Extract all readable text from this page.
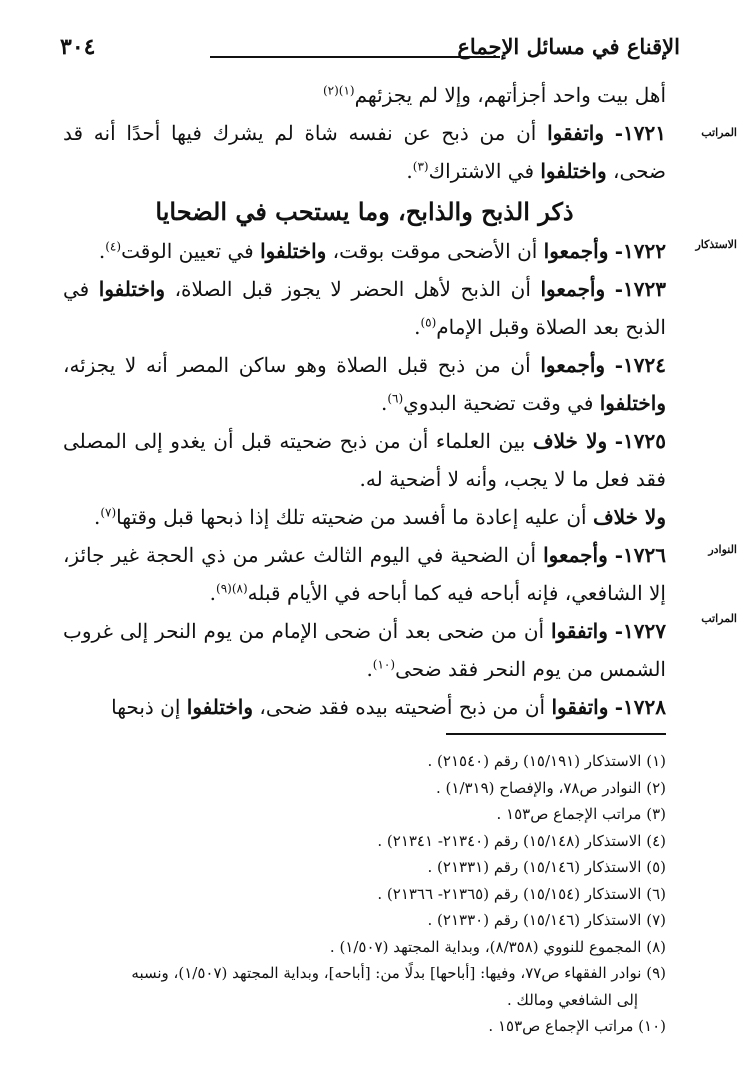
٣٠٤	الإقناع في مسائل الإجماع
المراتب
الاستذكار
النوادر
المراتب

أهل بيت واحد أجزأتهم، وإلا لم يجزئهم$^{(١)(٢)}$

١٧٢١- واتفقوا أن من ذبح عن نفسه شاة لم يشرك فيها أحدًا أنه قد ضحى، واختلفوا في الاشتراك$^{(٣)}$.

ذكر الذبح والذابح، وما يستحب في الضحايا

١٧٢٢- وأجمعوا أن الأضحى موقت بوقت، واختلفوا في تعيين الوقت$^{(٤)}$.

١٧٢٣- وأجمعوا أن الذبح لأهل الحضر لا يجوز قبل الصلاة، واختلفوا في الذبح بعد الصلاة وقبل الإمام$^{(٥)}$.

١٧٢٤- وأجمعوا أن من ذبح قبل الصلاة وهو ساكن المصر أنه لا يجزئه، واختلفوا في وقت تضحية البدوي$^{(٦)}$.

١٧٢٥- ولا خلاف بين العلماء أن من ذبح ضحيته قبل أن يغدو إلى المصلى فقد فعل ما لا يجب، وأنه لا أضحية له.

ولا خلاف أن عليه إعادة ما أفسد من ضحيته تلك إذا ذبحها قبل وقتها$^{(٧)}$.

١٧٢٦- وأجمعوا أن الضحية في اليوم الثالث عشر من ذي الحجة غير جائز، إلا الشافعي، فإنه أباحه فيه كما أباحه في الأيام قبله$^{(٨)(٩)}$.

١٧٢٧- واتفقوا أن من ضحى بعد أن ضحى الإمام من يوم النحر إلى غروب الشمس من يوم النحر فقد ضحى$^{(١٠)}$.

١٧٢٨- واتفقوا أن من ذبح أضحيته بيده فقد ضحى، واختلفوا إن ذبحها

(١) الاستذكار (١٥/١٩١) رقم (٢١٥٤٠) .

(٢) النوادر ص٧٨، والإفصاح (١/٣١٩) .

(٣) مراتب الإجماع ص١٥٣ .

(٤) الاستذكار (١٥/١٤٨) رقم (٢١٣٤٠- ٢١٣٤١) .

(٥) الاستذكار (١٥/١٤٦) رقم (٢١٣٣١) .

(٦) الاستذكار (١٥/١٥٤) رقم (٢١٣٦٥- ٢١٣٦٦) .

(٧) الاستذكار (١٥/١٤٦) رقم (٢١٣٣٠) .

(٨) المجموع للنووي (٨/٣٥٨)، وبداية المجتهد (١/٥٠٧) .

(٩) نوادر الفقهاء ص٧٧، وفيها: [أباحها] بدلًا من: [أباحه]، وبداية المجتهد (١/٥٠٧)، ونسبه

إلى الشافعي ومالك .

(١٠) مراتب الإجماع ص١٥٣ .
